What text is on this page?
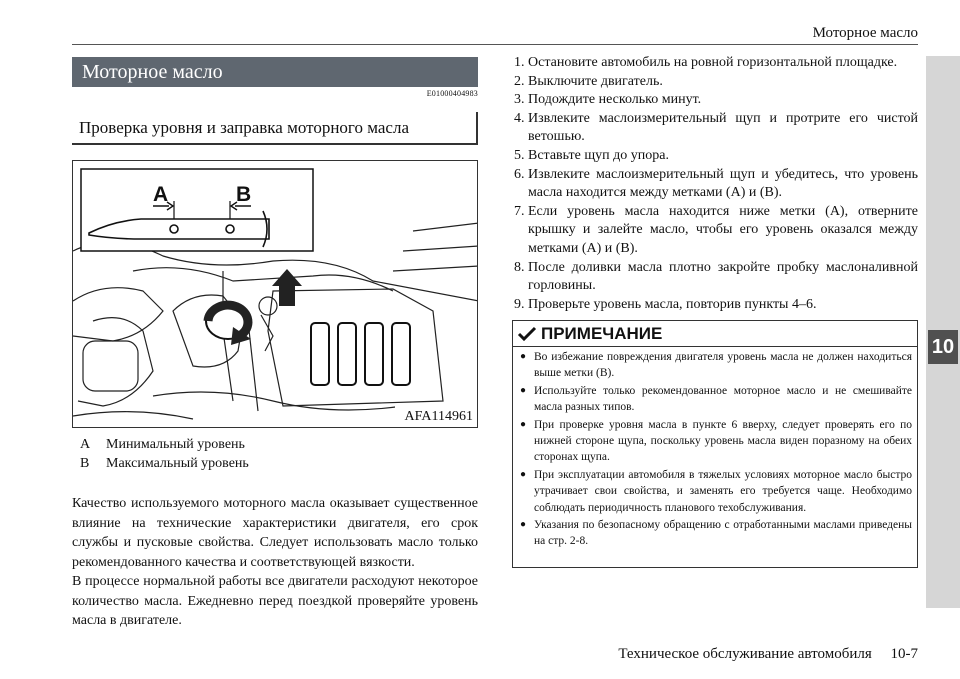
Моторное масло
10
Моторное масло
E01000404983
Проверка уровня и заправка моторного масла
A	B
AFA114961
A	Минимальный уровень
B	Максимальный уровень

Качество используемого моторного масла оказывает существенное влияние на технические характеристики двигателя, его срок службы и пусковые свойства. Следует использовать масло только рекомендованного качества и соответствующей вязкости.

В процессе нормальной работы все двигатели расходуют некоторое количество масла. Ежедневно перед поездкой проверяйте уровень масла в двигателе.

1. Остановите автомобиль на ровной горизонтальной площадке.
2. Выключите двигатель.
3. Подождите несколько минут.
4. Извлеките маслоизмерительный щуп и протрите его чистой ветошью.
5. Вставьте щуп до упора.
6. Извлеките маслоизмерительный щуп и убедитесь, что уровень масла находится между метками (A) и (B).
7. Если уровень масла находится ниже метки (A), отверните крышку и залейте масло, чтобы его уровень оказался между метками (A) и (B).
8. После доливки масла плотно закройте пробку маслоналивной горловины.
9. Проверьте уровень масла, повторив пункты 4–6.
ПРИМЕЧАНИЕ
● Во избежание повреждения двигателя уровень масла не должен находиться выше метки (B).
● Используйте только рекомендованное моторное масло и не смешивайте масла разных типов.
● При проверке уровня масла в пункте 6 вверху, следует проверять его по нижней стороне щупа, поскольку уровень масла виден поразному на обеих сторонах щупа.
● При эксплуатации автомобиля в тяжелых условиях моторное масло быстро утрачивает свои свойства, и заменять его требуется чаще. Необходимо соблюдать периодичность планового техобслуживания.
● Указания по безопасному обращению с отработанными маслами приведены на стр. 2-8.
Техническое обслуживание автомобиля     10-7
